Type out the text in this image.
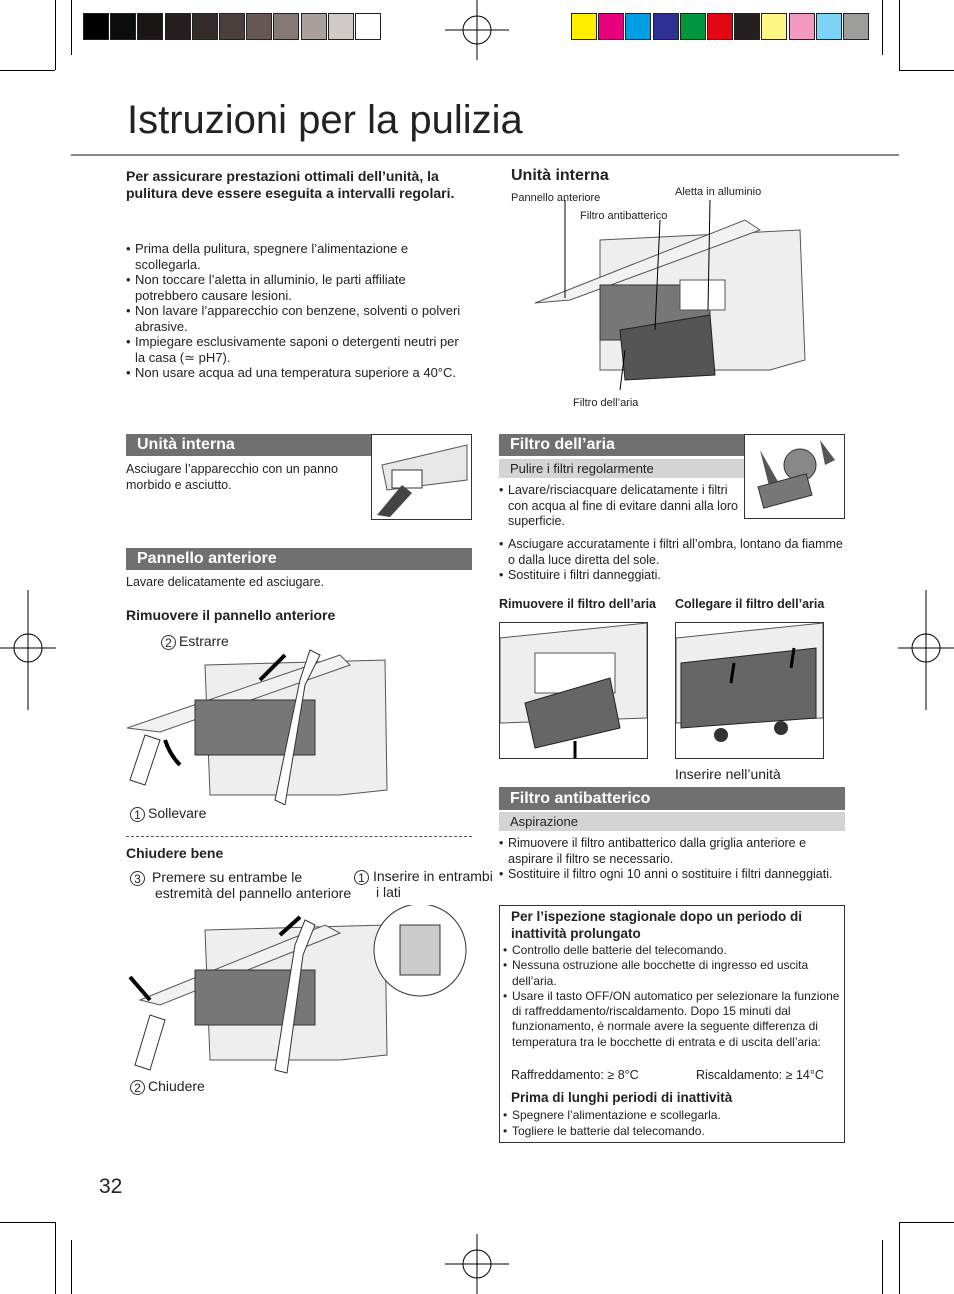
Istruzioni per la pulizia
Per assicurare prestazioni ottimali dell’unità, la pulitura deve essere eseguita a intervalli regolari.
• Prima della pulitura, spegnere l’alimentazione e scollegarla.
• Non toccare l’aletta in alluminio, le parti affiliate potrebbero causare lesioni.
• Non lavare l’apparecchio con benzene, solventi o polveri abrasive.
• Impiegare esclusivamente saponi o detergenti neutri per la casa (≃ pH7).
• Non usare acqua ad una temperatura superiore a 40°C.
Unità interna
Pannello anteriore	Aletta in alluminio
Filtro antibatterico
Filtro dell’aria
Unità interna
Asciugare l’apparecchio con un panno morbido e asciutto.
Pannello anteriore
Lavare delicatamente ed asciugare.
Rimuovere il pannello anteriore
2 Estrarre
1 Sollevare
Chiudere bene
3 Premere su entrambe le estremità del pannello anteriore
1 Inserire in entrambi i lati
2 Chiudere
Filtro dell’aria
Pulire i filtri regolarmente
• Lavare/risciacquare delicatamente i filtri con acqua al fine di evitare danni alla loro superficie.
• Asciugare accuratamente i filtri all’ombra, lontano da fiamme o dalla luce diretta del sole.
• Sostituire i filtri danneggiati.
Rimuovere il filtro dell’aria Collegare il filtro dell’aria
Inserire nell’unità
Filtro antibatterico
Aspirazione
• Rimuovere il filtro antibatterico dalla griglia anteriore e aspirare il filtro se necessario.
• Sostituire il filtro ogni 10 anni o sostituire i filtri danneggiati.
Per l’ispezione stagionale dopo un periodo di inattività prolungato
• Controllo delle batterie del telecomando.
• Nessuna ostruzione alle bocchette di ingresso ed uscita dell’aria.
• Usare il tasto OFF/ON automatico per selezionare la funzione di raffreddamento/riscaldamento. Dopo 15 minuti dal funzionamento, è normale avere la seguente differenza di temperatura tra le bocchette di entrata e di uscita dell’aria:
Raffreddamento: ≥ 8°C	Riscaldamento: ≥ 14°C
Prima di lunghi periodi di inattività
• Spegnere l’alimentazione e scollegarla.
• Togliere le batterie dal telecomando.
32
